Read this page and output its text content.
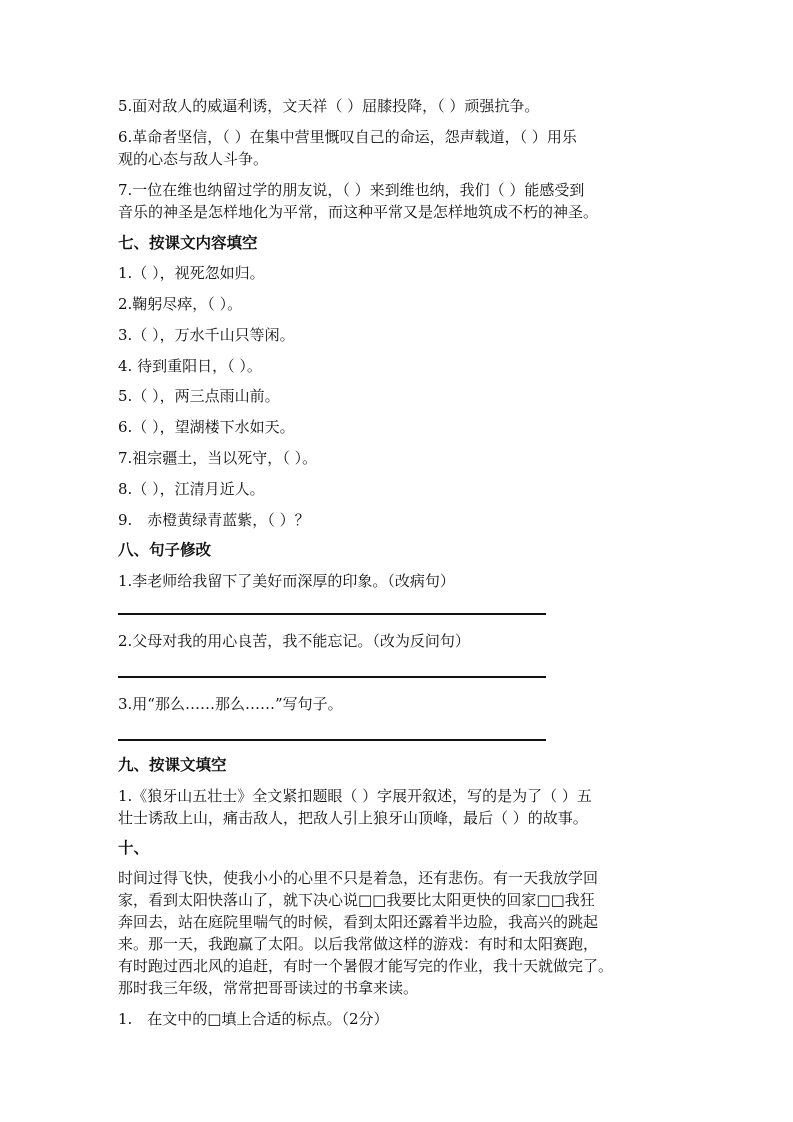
5.面对敌人的威逼利诱，文天祥（ ）屈膝投降，（ ）顽强抗争。
6.革命者坚信，（ ）在集中营里慨叹自己的命运，怨声载道，（ ）用乐
观的心态与敌人斗争。
7.一位在维也纳留过学的朋友说，（ ）来到维也纳，我们（ ）能感受到
音乐的神圣是怎样地化为平常，而这种平常又是怎样地筑成不朽的神圣。
七、按课文内容填空
1.（ ），视死忽如归。
2.鞠躬尽瘁，（ ）。
3.（ ），万水千山只等闲。
4. 待到重阳日，（ ）。
5.（ ），两三点雨山前。
6.（ ），望湖楼下水如天。
7.祖宗疆土，当以死守，（ ）。
8.（ ），江清月近人。
9.　赤橙黄绿青蓝紫，（ ）？
八、句子修改
1.李老师给我留下了美好而深厚的印象。（改病句）
2.父母对我的用心良苦，我不能忘记。（改为反问句）
3.用“那么……那么……”写句子。
九、按课文填空
1.《狼牙山五壮士》全文紧扣题眼（ ）字展开叙述，写的是为了（ ）五
壮士诱敌上山，痛击敌人，把敌人引上狼牙山顶峰，最后（ ）的故事。
十、
时间过得飞快，使我小小的心里不只是着急，还有悲伤。有一天我放学回
家，看到太阳快落山了，就下决心说□□我要比太阳更快的回家□□我狂
奔回去，站在庭院里喘气的时候，看到太阳还露着半边脸，我高兴的跳起
来。那一天，我跑赢了太阳。以后我常做这样的游戏：有时和太阳赛跑，
有时跑过西北风的追赶，有时一个暑假才能写完的作业，我十天就做完了。
那时我三年级，常常把哥哥读过的书拿来读。
1.　在文中的□填上合适的标点。（2分）
